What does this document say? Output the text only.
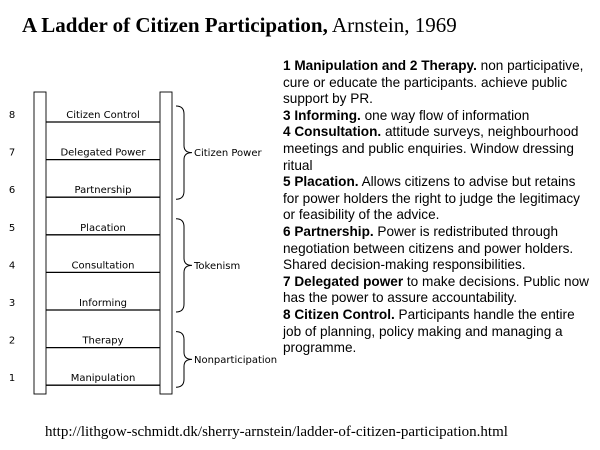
A Ladder of Citizen Participation, Arnstein, 1969
8	Citizen Control
7	Delegated Power
6	Partnership
5	Placation
4	Consultation
3	Informing
2	Therapy
1	Manipulation
Citizen Power
Tokenism
Nonparticipation

1 Manipulation and 2 Therapy. non participative, cure or educate the participants. achieve public support by PR.

3 Informing. one way flow of information

4 Consultation. attitude surveys, neighbourhood meetings and public enquiries. Window dressing ritual

5 Placation. Allows citizens to advise but retains for power holders the right to judge the legitimacy or feasibility of the advice.

6 Partnership. Power is redistributed through negotiation between citizens and power holders. Shared decision-making responsibilities.

7 Delegated power to make decisions. Public now has the power to assure accountability.

8 Citizen Control. Participants handle the entire job of planning, policy making and managing a programme.

http://lithgow-schmidt.dk/sherry-arnstein/ladder-of-citizen-participation.html
